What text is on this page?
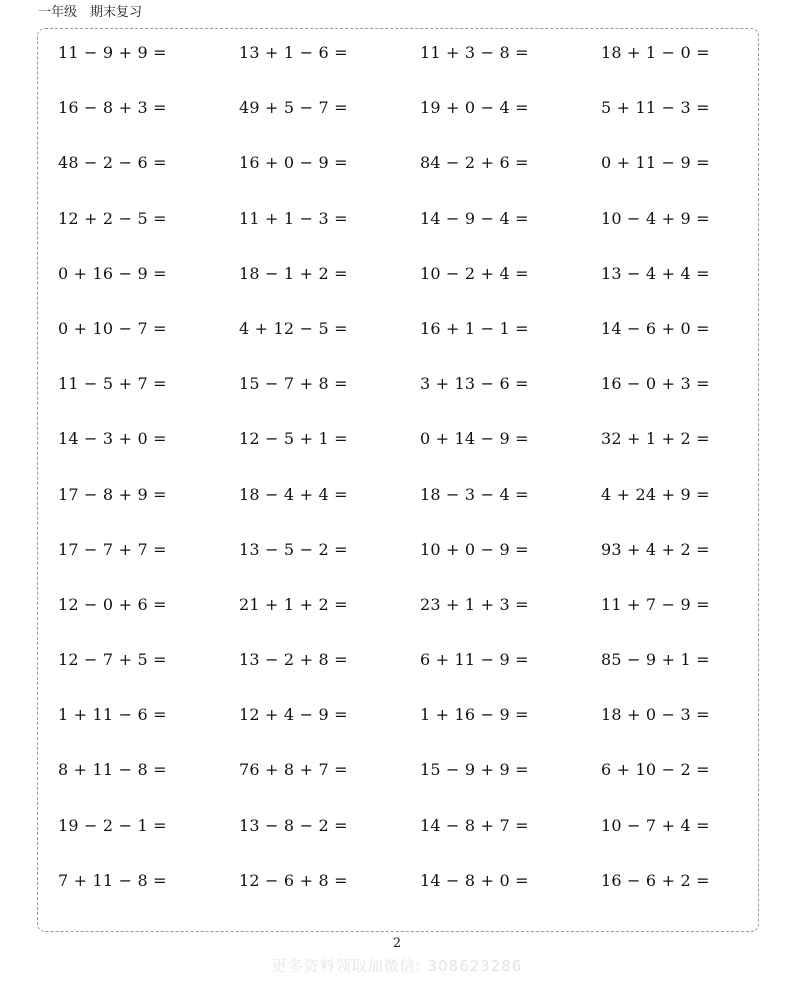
一年级　期末复习
11 − 9 + 9 =	13 + 1 − 6 =	11 + 3 − 8 =	18 + 1 − 0 =
16 − 8 + 3 =	49 + 5 − 7 =	19 + 0 − 4 =	5 + 11 − 3 =
48 − 2 − 6 =	16 + 0 − 9 =	84 − 2 + 6 =	0 + 11 − 9 =
12 + 2 − 5 =	11 + 1 − 3 =	14 − 9 − 4 =	10 − 4 + 9 =
0 + 16 − 9 =	18 − 1 + 2 =	10 − 2 + 4 =	13 − 4 + 4 =
0 + 10 − 7 =	4 + 12 − 5 =	16 + 1 − 1 =	14 − 6 + 0 =
11 − 5 + 7 =	15 − 7 + 8 =	3 + 13 − 6 =	16 − 0 + 3 =
14 − 3 + 0 =	12 − 5 + 1 =	0 + 14 − 9 =	32 + 1 + 2 =
17 − 8 + 9 =	18 − 4 + 4 =	18 − 3 − 4 =	4 + 24 + 9 =
17 − 7 + 7 =	13 − 5 − 2 =	10 + 0 − 9 =	93 + 4 + 2 =
12 − 0 + 6 =	21 + 1 + 2 =	23 + 1 + 3 =	11 + 7 − 9 =
12 − 7 + 5 =	13 − 2 + 8 =	6 + 11 − 9 =	85 − 9 + 1 =
1 + 11 − 6 =	12 + 4 − 9 =	1 + 16 − 9 =	18 + 0 − 3 =
8 + 11 − 8 =	76 + 8 + 7 =	15 − 9 + 9 =	6 + 10 − 2 =
19 − 2 − 1 =	13 − 8 − 2 =	14 − 8 + 7 =	10 − 7 + 4 =
7 + 11 − 8 =	12 − 6 + 8 =	14 − 8 + 0 =	16 − 6 + 2 =
2
更多资料领取加微信: 308623286
